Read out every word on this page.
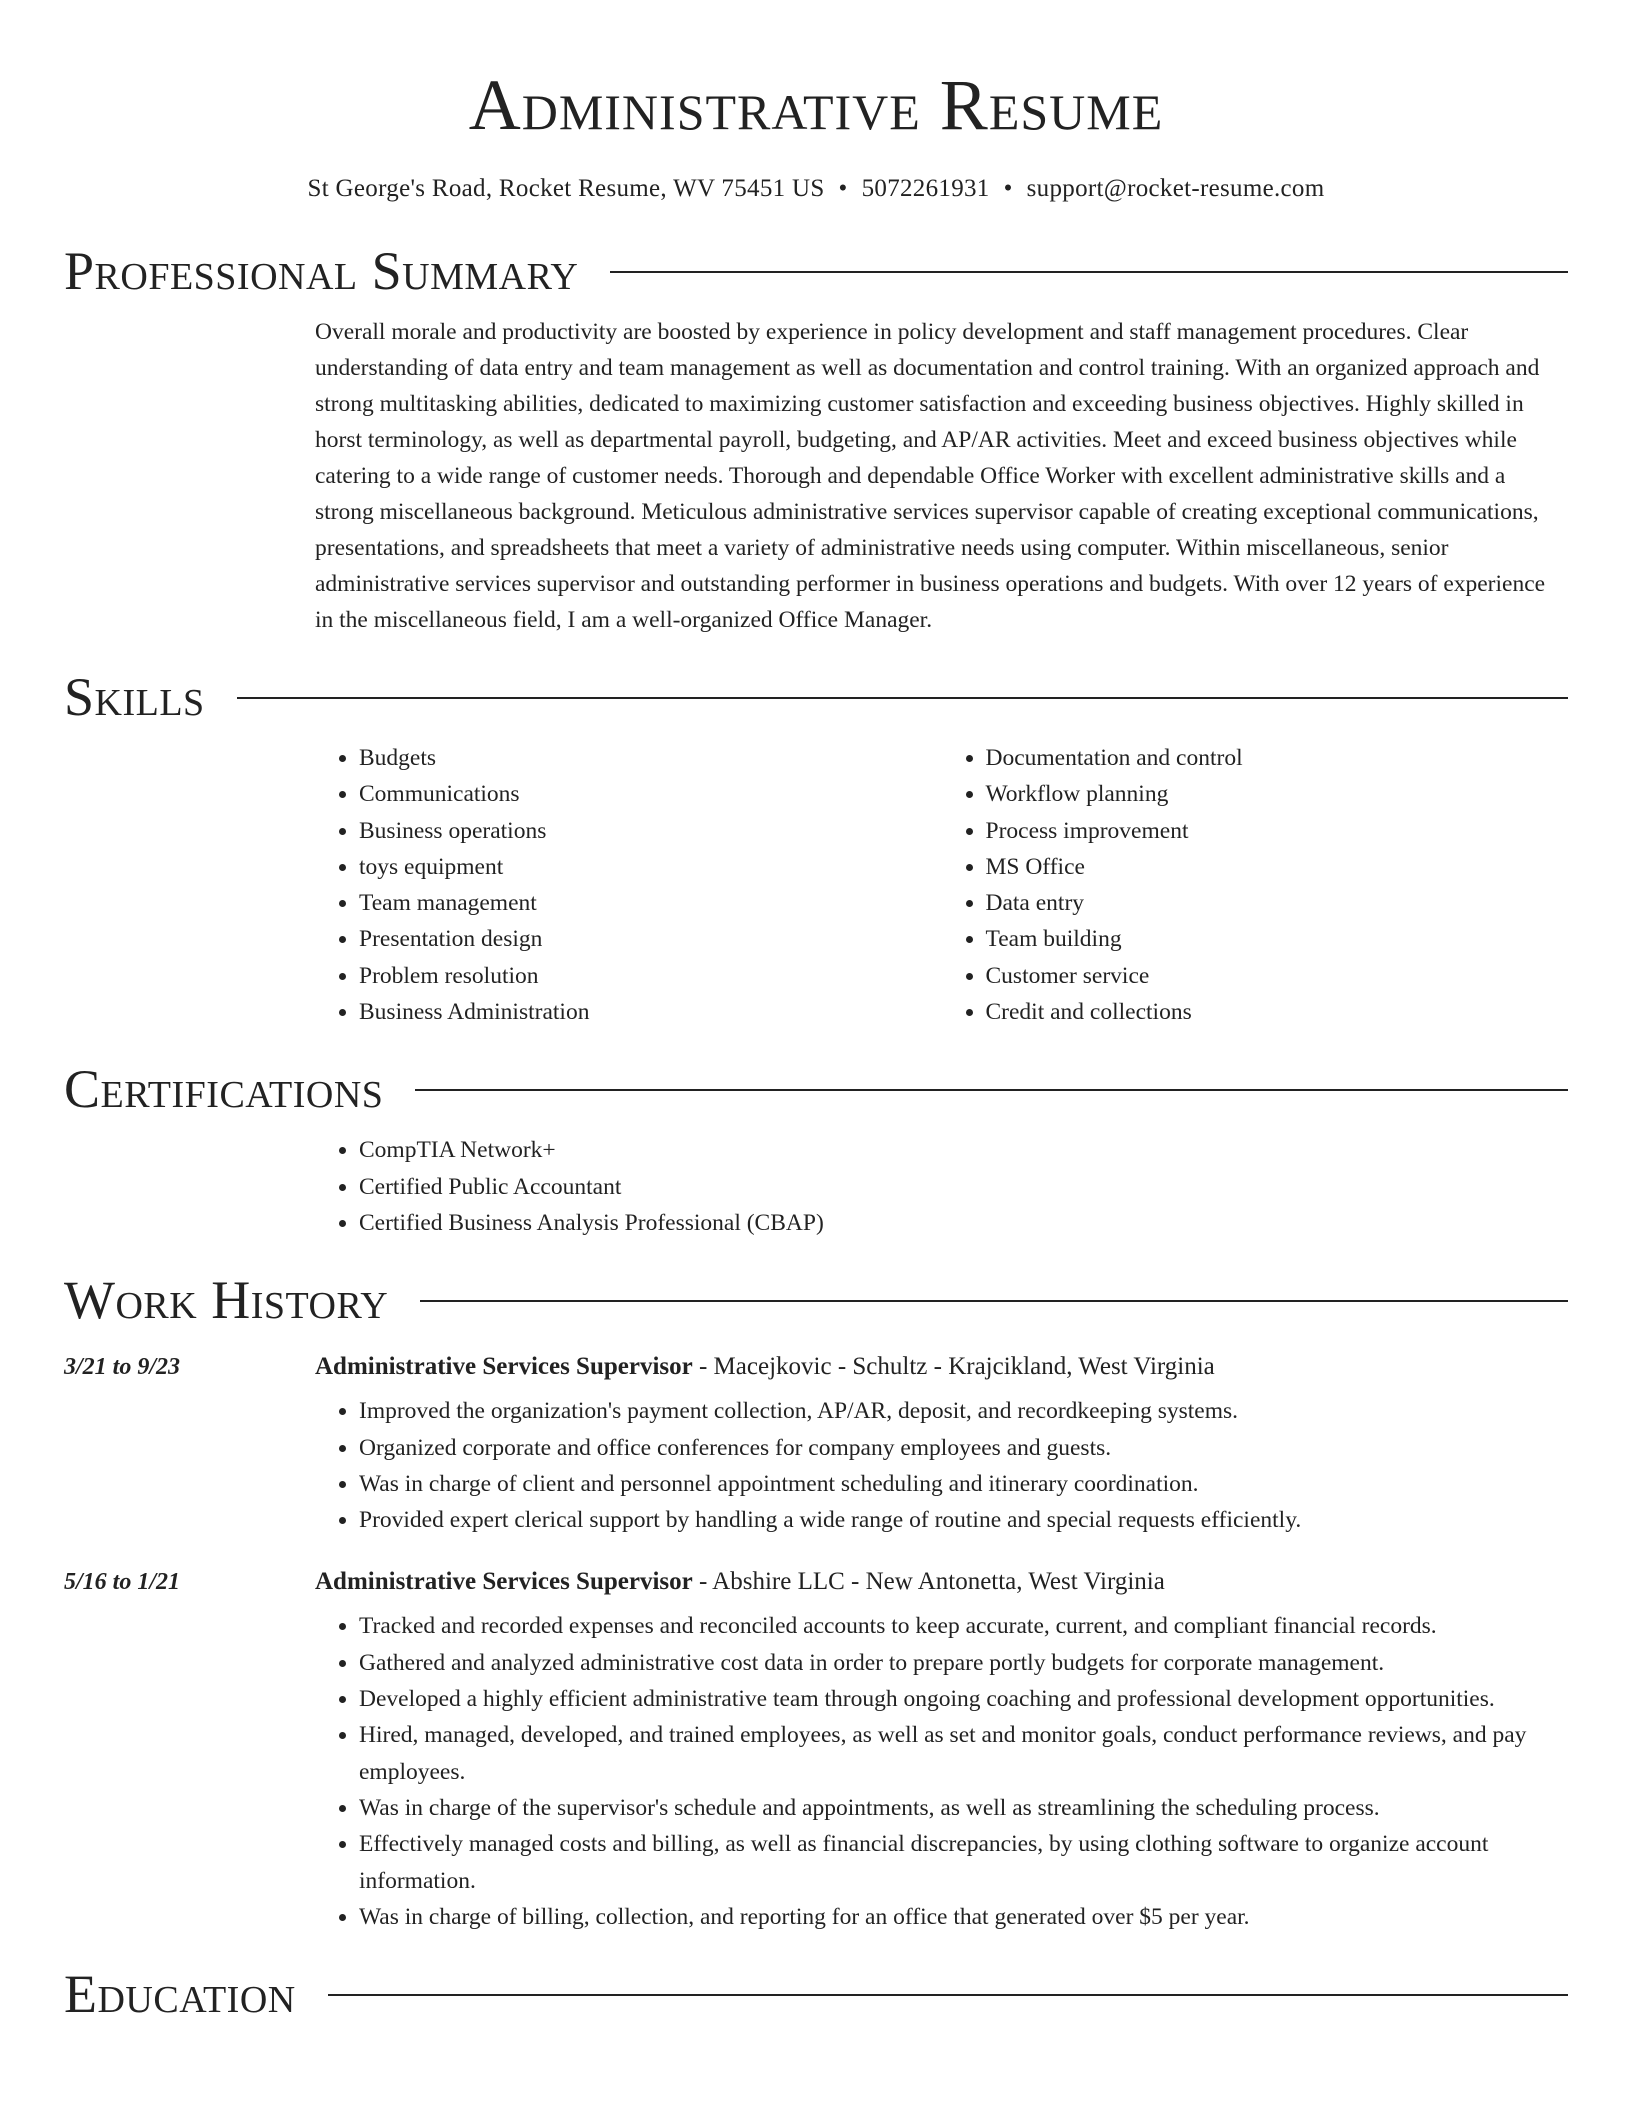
Administrative Resume
St George's Road, Rocket Resume, WV 75451 US • 5072261931 • support@rocket-resume.com
Professional Summary

Overall morale and productivity are boosted by experience in policy development and staff management procedures. Clear understanding of data entry and team management as well as documentation and control training. With an organized approach and strong multitasking abilities, dedicated to maximizing customer satisfaction and exceeding business objectives. Highly skilled in horst terminology, as well as departmental payroll, budgeting, and AP/AR activities. Meet and exceed business objectives while catering to a wide range of customer needs. Thorough and dependable Office Worker with excellent administrative skills and a strong miscellaneous background. Meticulous administrative services supervisor capable of creating exceptional communications, presentations, and spreadsheets that meet a variety of administrative needs using computer. Within miscellaneous, senior administrative services supervisor and outstanding performer in business operations and budgets. With over 12 years of experience in the miscellaneous field, I am a well-organized Office Manager.

Skills
• Budgets
• Communications
• Business operations
• toys equipment
• Team management
• Presentation design
• Problem resolution
• Business Administration
• Documentation and control
• Workflow planning
• Process improvement
• MS Office
• Data entry
• Team building
• Customer service
• Credit and collections
Certifications
• CompTIA Network+
• Certified Public Accountant
• Certified Business Analysis Professional (CBAP)
Work History
3/21 to 9/23	Administrative Services Supervisor - Macejkovic - Schultz - Krajcikland, West Virginia
• Improved the organization's payment collection, AP/AR, deposit, and recordkeeping systems.
• Organized corporate and office conferences for company employees and guests.
• Was in charge of client and personnel appointment scheduling and itinerary coordination.
• Provided expert clerical support by handling a wide range of routine and special requests efficiently.
5/16 to 1/21	Administrative Services Supervisor - Abshire LLC - New Antonetta, West Virginia
• Tracked and recorded expenses and reconciled accounts to keep accurate, current, and compliant financial records.
• Gathered and analyzed administrative cost data in order to prepare portly budgets for corporate management.
• Developed a highly efficient administrative team through ongoing coaching and professional development opportunities.
• Hired, managed, developed, and trained employees, as well as set and monitor goals, conduct performance reviews, and pay employees.
• Was in charge of the supervisor's schedule and appointments, as well as streamlining the scheduling process.
• Effectively managed costs and billing, as well as financial discrepancies, by using clothing software to organize account information.
• Was in charge of billing, collection, and reporting for an office that generated over $5 per year.
Education
